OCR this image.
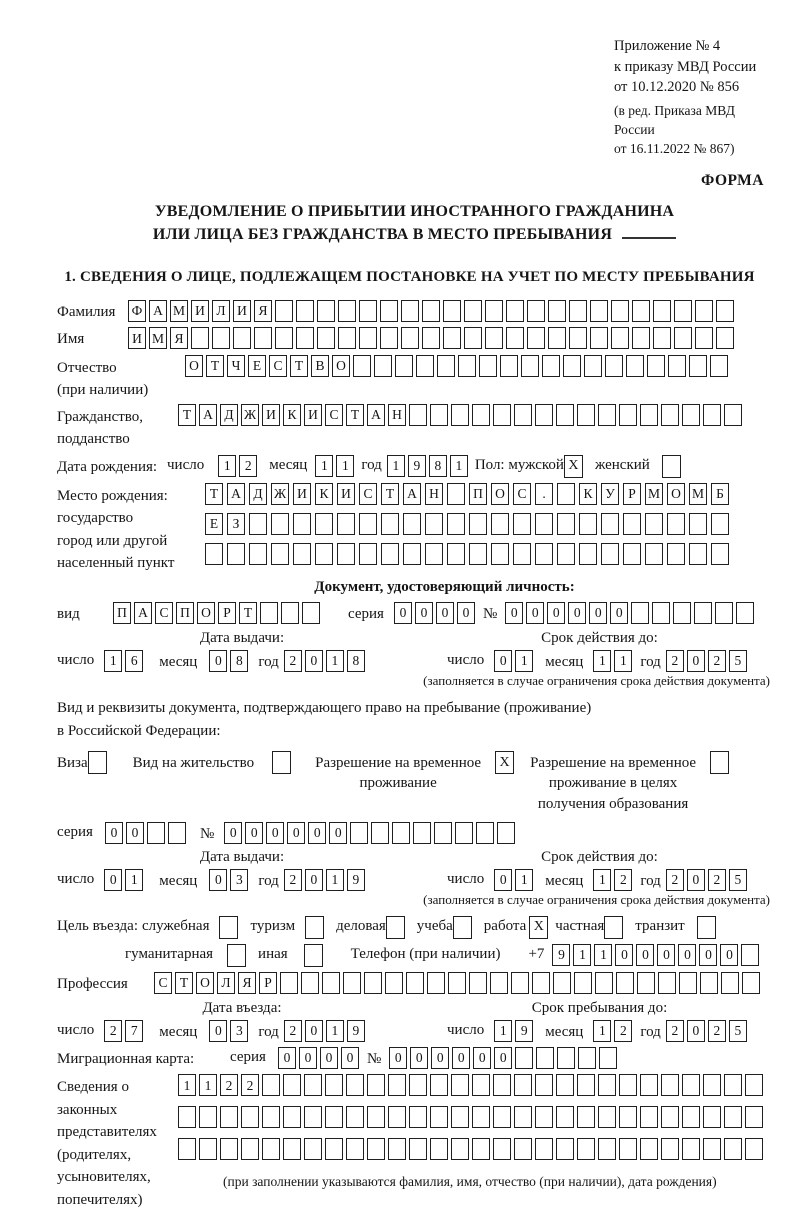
Приложение № 4
к приказу МВД России
от 10.12.2020 № 856
(в ред. Приказа МВД России
от 16.11.2022 № 867)
ФОРМА
УВЕДОМЛЕНИЕ О ПРИБЫТИИ ИНОСТРАННОГО ГРАЖДАНИНА
ИЛИ ЛИЦА БЕЗ ГРАЖДАНСТВА В МЕСТО ПРЕБЫВАНИЯ
1. СВЕДЕНИЯ О ЛИЦЕ, ПОДЛЕЖАЩЕМ ПОСТАНОВКЕ НА УЧЕТ ПО МЕСТУ ПРЕБЫВАНИЯ
Фамилия	Ф А М И Л И Я
Имя	И М Я
Отчество
(при наличии)
О Т Ч Е С Т В О
Гражданство,
подданство
Т А Д Ж И К И С Т А Н
Дата рождения: число	1	2	месяц	1	1 год 1	9	8	1 Пол: мужской X женский
Место рождения:
государство
город или другой
населенный пункт
Т А Д Ж И К И С Т А Н	П О С	.	К У Р М О М Б
Е	З
Документ, удостоверяющий личность:
вид	П А С П О Р Т	серия	0	0	0	0 №	0	0	0	0	0	0
Дата выдачи:	Срок действия до:
число	1	6	месяц	0	8	год 2	0	1	8	число	0	1	месяц	1	1 год 2	0	2	5
(заполняется в случае ограничения срока действия документа)
Вид и реквизиты документа, подтверждающего право на пребывание (проживание)
в Российской Федерации:
Виза	Вид на жительство	Разрешение на временное
проживание
X Разрешение на временное
проживание в целях
получения образования
серия	0	0	№	0	0	0	0	0	0
Дата выдачи:	Срок действия до:
число	0	1	месяц	0	3	год 2	0	1	9	число	0	1	месяц	1	2 год 2	0	2	5
(заполняется в случае ограничения срока действия документа)
Цель въезда: служебная	туризм	деловая учеба работа X частная транзит
гуманитарная	иная	Телефон (при наличии) +7	9	1	1	0	0	0	0	0	0
Профессия	С Т О Л Я Р
Дата въезда:	Срок пребывания до:
число	2	7	месяц	0	3	год 2	0	1	9	число	1	9	месяц	1	2 год 2	0	2	5
Миграционная карта:	серия	0	0	0	0 №	0	0	0	0	0	0
Сведения о
законных
представителях
(родителях,
усыновителях,
попечителях)
1	1	2	2
(при заполнении указываются фамилия, имя, отчество (при наличии), дата рождения)
